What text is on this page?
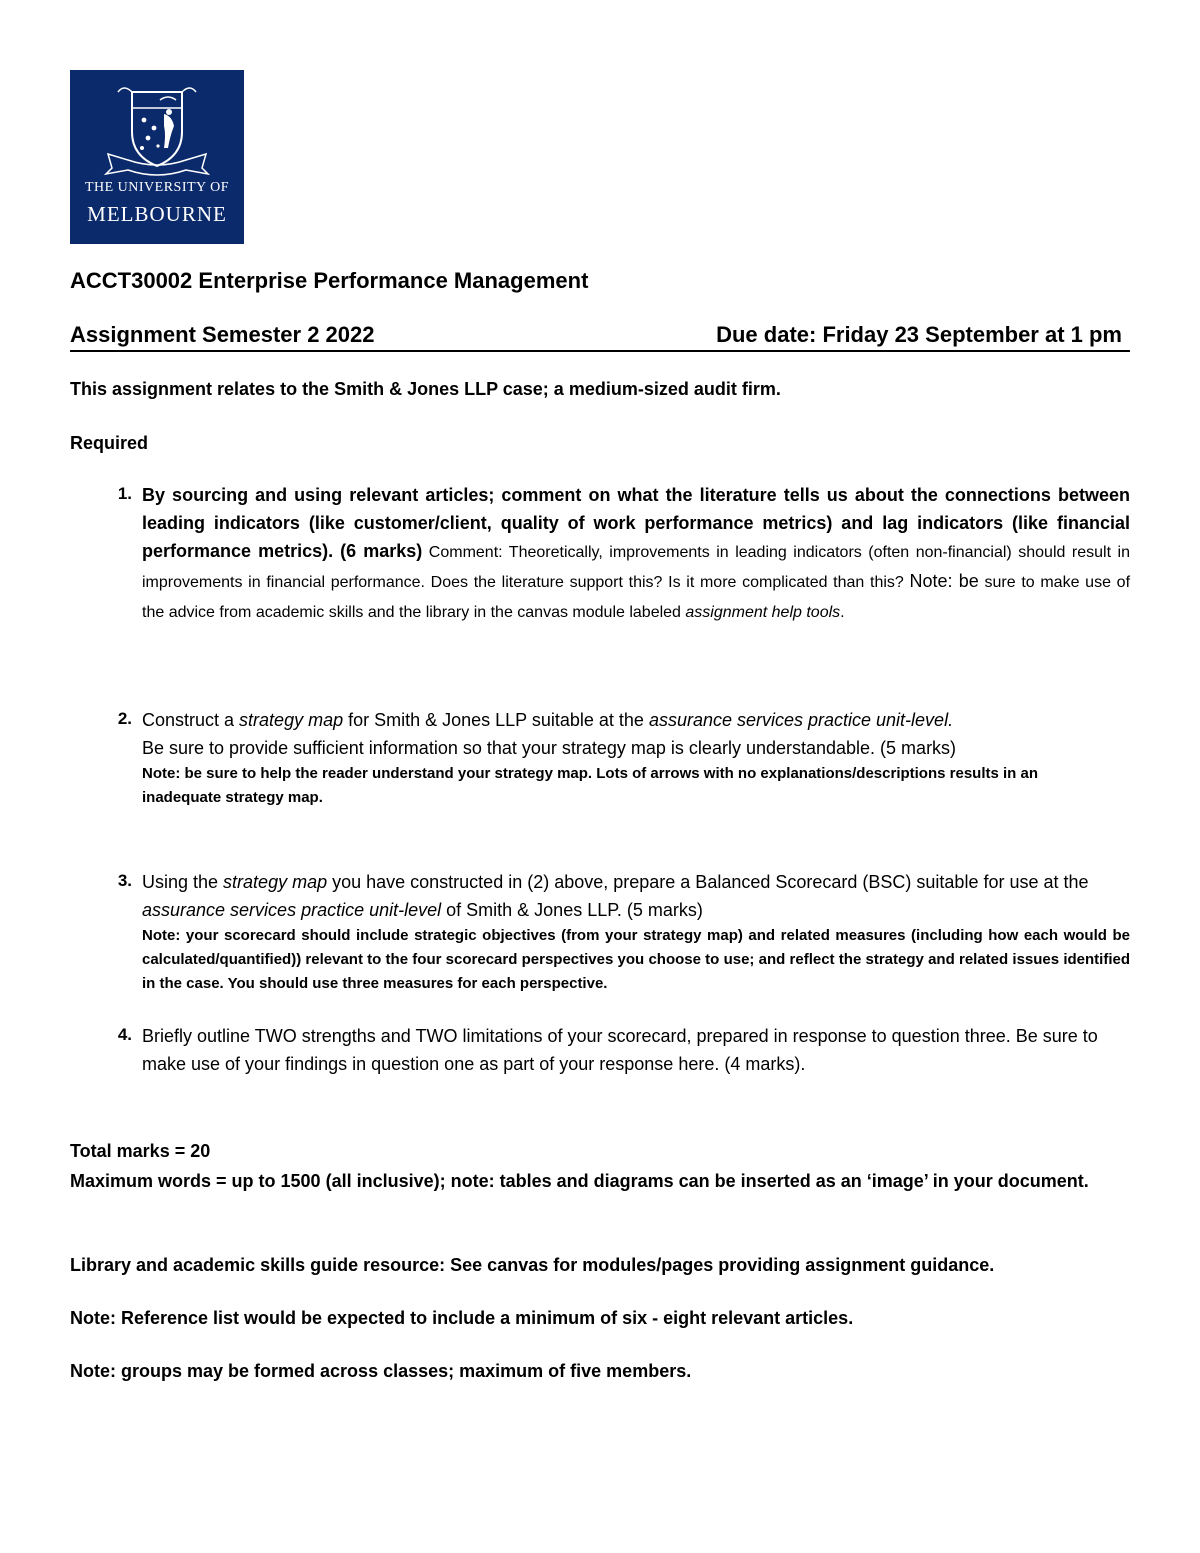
THE UNIVERSITY OF
MELBOURNE
ACCT30002 Enterprise Performance Management
Assignment Semester 2 2022	Due date: Friday 23 September at 1 pm
This assignment relates to the Smith & Jones LLP case; a medium-sized audit firm.
Required
1. By sourcing and using relevant articles; comment on what the literature tells us about the connections between leading indicators (like customer/client, quality of work performance metrics) and lag indicators (like financial performance metrics). (6 marks) Comment: Theoretically, improvements in leading indicators (often non-financial) should result in improvements in financial performance. Does the literature support this? Is it more complicated than this? Note: be sure to make use of the advice from academic skills and the library in the canvas module labeled assignment help tools.
2. Construct a strategy map for Smith & Jones LLP suitable at the assurance services practice unit-level.
Be sure to provide sufficient information so that your strategy map is clearly understandable. (5 marks)
Note: be sure to help the reader understand your strategy map. Lots of arrows with no explanations/descriptions results in an inadequate strategy map.
3. Using the strategy map you have constructed in (2) above, prepare a Balanced Scorecard (BSC) suitable for use at the assurance services practice unit-level of Smith & Jones LLP. (5 marks)
Note: your scorecard should include strategic objectives (from your strategy map) and related measures (including how each would be calculated/quantified)) relevant to the four scorecard perspectives you choose to use; and reflect the strategy and related issues identified in the case. You should use three measures for each perspective.
4. Briefly outline TWO strengths and TWO limitations of your scorecard, prepared in response to question three. Be sure to make use of your findings in question one as part of your response here. (4 marks).
Total marks = 20
Maximum words = up to 1500 (all inclusive); note: tables and diagrams can be inserted as an ‘image’ in your document.
Library and academic skills guide resource: See canvas for modules/pages providing assignment guidance.
Note: Reference list would be expected to include a minimum of six - eight relevant articles.
Note: groups may be formed across classes; maximum of five members.
